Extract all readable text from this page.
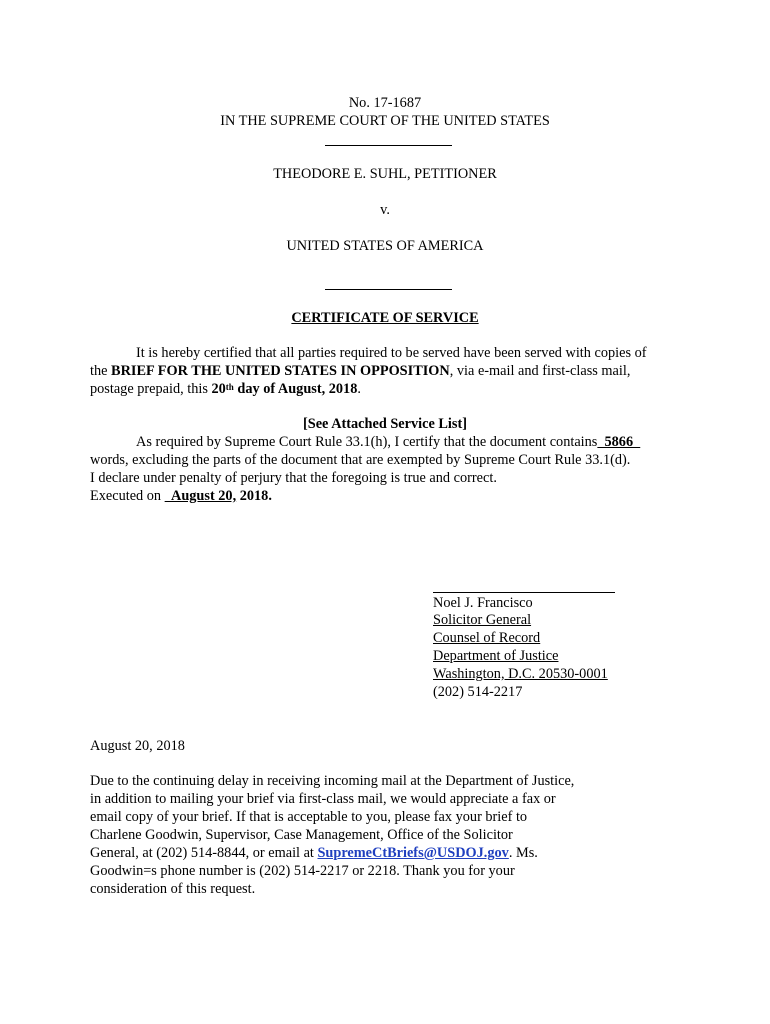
No. 17-1687
IN THE SUPREME COURT OF THE UNITED STATES
THEODORE E. SUHL, PETITIONER
v.
UNITED STATES OF AMERICA
CERTIFICATE OF SERVICE
It is hereby certified that all parties required to be served have been served with copies of
the BRIEF FOR THE UNITED STATES IN OPPOSITION, via e-mail and first-class mail,
postage prepaid, this 20th day of August, 2018.
[See Attached Service List]
As required by Supreme Court Rule 33.1(h), I certify that the document contains  5866
words, excluding the parts of the document that are exempted by Supreme Court Rule 33.1(d).
I declare under penalty of perjury that the foregoing is true and correct.
Executed on   August 20, 2018.
Noel J. Francisco
Solicitor General
Counsel of Record
Department of Justice
Washington, D.C. 20530-0001
(202) 514-2217
August 20, 2018
Due to the continuing delay in receiving incoming mail at the Department of Justice,
in addition to mailing your brief via first-class mail, we would appreciate a fax or
email copy of your brief. If that is acceptable to you, please fax your brief to
Charlene Goodwin, Supervisor, Case Management, Office of the Solicitor
General, at (202) 514-8844, or email at SupremeCtBriefs@USDOJ.gov. Ms.
Goodwin=s phone number is (202) 514-2217 or 2218. Thank you for your
consideration of this request.
